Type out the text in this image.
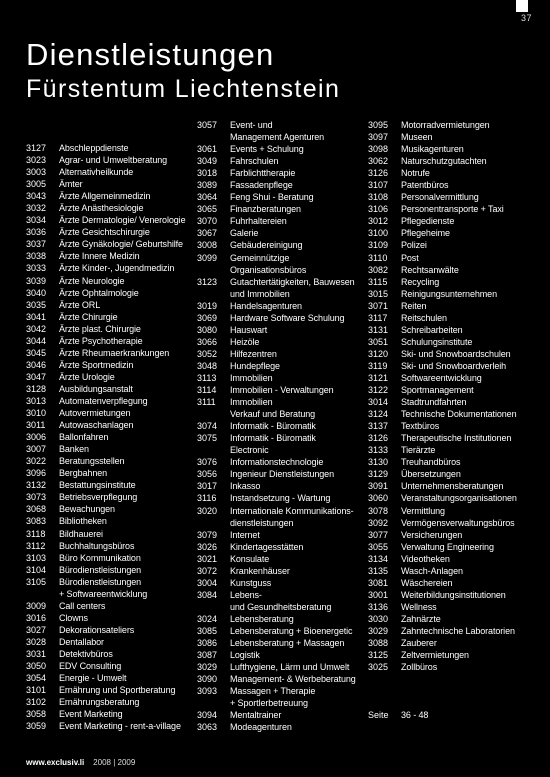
37
Dienstleistungen
Fürstentum Liechtenstein
3127	Abschleppdienste
3023	Agrar- und Umweltberatung
3003	Alternativheilkunde
3005	Ämter
3043	Ärzte Allgemeinmedizin
3032	Ärzte Anästhesiologie
3034	Ärzte Dermatologie/ Venerologie
3036	Ärzte Gesichtschirurgie
3037	Ärzte Gynäkologie/ Geburtshilfe
3038	Ärzte Innere Medizin
3033	Ärzte Kinder-, Jugendmedizin
3039	Ärzte Neurologie
3040	Ärzte Ophtalmologie
3035	Ärzte ORL
3041	Ärzte Chirurgie
3042	Ärzte plast. Chirurgie
3044	Ärzte Psychotherapie
3045	Ärzte Rheumaerkrankungen
3046	Ärzte Sportmedizin
3047	Ärzte Urologie
3128	Ausbildungsanstalt
3013	Automatenverpflegung
3010	Autovermietungen
3011	Autowaschanlagen
3006	Ballonfahren
3007	Banken
3022	Beratungsstellen
3096	Bergbahnen
3132	Bestattungsinstitute
3073	Betriebsverpflegung
3068	Bewachungen
3083	Bibliotheken
3118	Bildhauerei
3112	Buchhaltungsbüros
3103	Büro Kommunikation
3104	Bürodienstleistungen
3105	Bürodienstleistungen
+ Softwareentwicklung
3009	Call centers
3016	Clowns
3027	Dekorationsateliers
3028	Dentallabor
3031	Detektivbüros
3050	EDV Consulting
3054	Energie - Umwelt
3101	Ernährung und Sportberatung
3102	Ernährungsberatung
3058	Event Marketing
3059	Event Marketing - rent-a-village
3057	Event- und
Management Agenturen
3061	Events + Schulung
3049	Fahrschulen
3018	Farblichttherapie
3089	Fassadenpflege
3064	Feng Shui - Beratung
3065	Finanzberatungen
3070	Fuhrhaltereien
3067	Galerie
3008	Gebäudereinigung
3099	Gemeinnützige
Organisationsbüros
3123	Gutachtertätigkeiten, Bauwesen
und Immobilien
3019	Handelsagenturen
3069	Hardware Software Schulung
3080	Hauswart
3066	Heizöle
3052	Hilfezentren
3048	Hundepflege
3113	Immobilien
3114	Immobilien - Verwaltungen
3111	Immobilien
Verkauf und Beratung
3074	Informatik - Büromatik
3075	Informatik - Büromatik
Electronic
3076	Informationstechnologie
3056	Ingenieur Dienstleistungen
3017	Inkasso
3116	Instandsetzung - Wartung
3020	Internationale Kommunikations-
dienstleistungen
3079	Internet
3026	Kindertagesstätten
3021	Konsulate
3072	Krankenhäuser
3004	Kunstguss
3084	Lebens-
und Gesundheitsberatung
3024	Lebensberatung
3085	Lebensberatung + Bioenergetic
3086	Lebensberatung + Massagen
3087	Logistik
3029	Lufthygiene, Lärm und Umwelt
3090	Management- & Werbeberatung
3093	Massagen + Therapie
+ Sportlerbetreuung
3094	Mentaltrainer
3063	Modeagenturen
3095	Motorradvermietungen
3097	Museen
3098	Musikagenturen
3062	Naturschutzgutachten
3126	Notrufe
3107	Patentbüros
3108	Personalvermittlung
3106	Personentransporte + Taxi
3012	Pflegedienste
3100	Pflegeheime
3109	Polizei
3110	Post
3082	Rechtsanwälte
3115	Recycling
3015	Reinigungsunternehmen
3071	Reiten
3117	Reitschulen
3131	Schreibarbeiten
3051	Schulungsinstitute
3120	Ski- und Snowboardschulen
3119	Ski- und Snowboardverleih
3121	Softwareentwicklung
3122	Sportmanagement
3014	Stadtrundfahrten
3124	Technische Dokumentationen
3137	Textbüros
3126	Therapeutische Institutionen
3133	Tierärzte
3130	Treuhandbüros
3129	Übersetzungen
3091	Unternehmensberatungen
3060	Veranstaltungsorganisationen
3078	Vermittlung
3092	Vermögensverwaltungsbüros
3077	Versicherungen
3055	Verwaltung Engineering
3134	Videotheken
3135	Wasch-Anlagen
3081	Wäschereien
3001	Weiterbildungsinstitutionen
3136	Wellness
3030	Zahnärzte
3029	Zahntechnische Laboratorien
3088	Zauberer
3125	Zeltvermietungen
3025	Zollbüros
Seite	36 - 48
www.exclusiv.li 2008 | 2009
